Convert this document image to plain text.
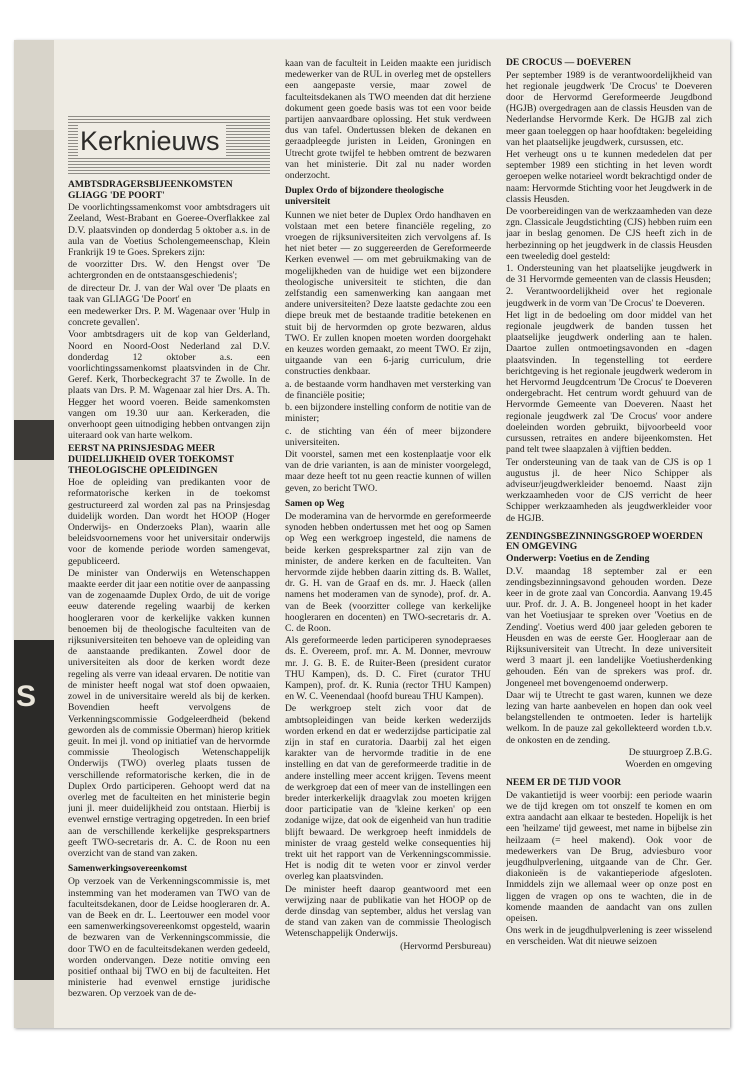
S
Kerknieuws
AMBTSDRAGERSBIJEENKOMSTEN GLIAGG 'DE POORT'

De voorlichtingssamenkomst voor ambtsdragers uit Zeeland, West-Brabant en Goeree-Overflakkee zal D.V. plaatsvinden op donderdag 5 oktober a.s. in de aula van de Voetius Scholengemeenschap, Klein Frankrijk 19 te Goes. Sprekers zijn:

de voorzitter Drs. W. den Hengst over 'De achtergronden en de ontstaansgeschiedenis';

de directeur Dr. J. van der Wal over 'De plaats en taak van GLIAGG 'De Poort' en

een medewerker Drs. P. M. Wagenaar over 'Hulp in concrete gevallen'.

Voor ambtsdragers uit de kop van Gelderland, Noord en Noord-Oost Nederland zal D.V. donderdag 12 oktober a.s. een voorlichtingssamenkomst plaatsvinden in de Chr. Geref. Kerk, Thorbeckegracht 37 te Zwolle. In de plaats van Drs. P. M. Wagenaar zal hier Drs. A. Th. Hegger het woord voeren. Beide samenkomsten vangen om 19.30 uur aan. Kerkeraden, die onverhoopt geen uitnodiging hebben ontvangen zijn uiteraard ook van harte welkom.

EERST NA PRINSJESDAG MEER DUIDELIJKHEID OVER TOEKOMST THEOLOGISCHE OPLEIDINGEN

Hoe de opleiding van predikanten voor de reformatorische kerken in de toekomst gestructureerd zal worden zal pas na Prinsjesdag duidelijk worden. Dan wordt het HOOP (Hoger Onderwijs- en Onderzoeks Plan), waarin alle beleidsvoornemens voor het universitair onderwijs voor de komende periode worden samengevat, gepubliceerd.

De minister van Onderwijs en Wetenschappen maakte eerder dit jaar een notitie over de aanpassing van de zogenaamde Duplex Ordo, de uit de vorige eeuw daterende regeling waarbij de kerken hoogleraren voor de kerkelijke vakken kunnen benoemen bij de theologische faculteiten van de rijksuniversiteiten ten behoeve van de opleiding van de aanstaande predikanten. Zowel door de universiteiten als door de kerken wordt deze regeling als verre van ideaal ervaren. De notitie van de minister heeft nogal wat stof doen opwaaien, zowel in de universitaire wereld als bij de kerken. Bovendien heeft vervolgens de Verkenningscommissie Godgeleerdheid (bekend geworden als de commissie Oberman) hierop kritiek geuit. In mei jl. vond op initiatief van de hervormde commissie Theologisch Wetenschappelijk Onderwijs (TWO) overleg plaats tussen de verschillende reformatorische kerken, die in de Duplex Ordo participeren. Gehoopt werd dat na overleg met de faculteiten en het ministerie begin juni jl. meer duidelijkheid zou ontstaan. Hierbij is evenwel ernstige vertraging opgetreden. In een brief aan de verschillende kerkelijke gesprekspartners geeft TWO-secretaris dr. A. C. de Roon nu een overzicht van de stand van zaken.

Samenwerkingsovereenkomst

Op verzoek van de Verkenningscommissie is, met instemming van het moderamen van TWO van de faculteitsdekanen, door de Leidse hoogleraren dr. A. van de Beek en dr. L. Leertouwer een model voor een samenwerkingsovereenkomst opgesteld, waarin de bezwaren van de Verkenningscommissie, die door TWO en de faculteitsdekanen werden gedeeld, worden ondervangen. Deze notitie omving een positief onthaal bij TWO en bij de faculteiten. Het ministerie had evenwel ernstige juridische bezwaren. Op verzoek van de de-

kaan van de faculteit in Leiden maakte een juridisch medewerker van de RUL in overleg met de opstellers een aangepaste versie, maar zowel de faculteitsdekanen als TWO meenden dat dit herziene dokument geen goede basis was tot een voor beide partijen aanvaardbare oplossing. Het stuk verdween dus van tafel. Ondertussen bleken de dekanen en geraadpleegde juristen in Leiden, Groningen en Utrecht grote twijfel te hebben omtrent de bezwaren van het ministerie. Dit zal nu nader worden onderzocht.

Duplex Ordo of bijzondere theologische universiteit

Kunnen we niet beter de Duplex Ordo handhaven en volstaan met een betere financiële regeling, zo vroegen de rijksuniversiteiten zich vervolgens af. Is het niet beter — zo suggereerden de Gereformeerde Kerken evenwel — om met gebruikmaking van de mogelijkheden van de huidige wet een bijzondere theologische universiteit te stichten, die dan zelfstandig een samenwerking kan aangaan met andere universiteiten? Deze laatste gedachte zou een diepe breuk met de bestaande traditie betekenen en stuit bij de hervormden op grote bezwaren, aldus TWO. Er zullen knopen moeten worden doorgehakt en keuzes worden gemaakt, zo meent TWO. Er zijn, uitgaande van een 6-jarig curriculum, drie constructies denkbaar.

a. de bestaande vorm handhaven met versterking van de financiële positie;

b. een bijzondere instelling conform de notitie van de minister;

c. de stichting van één of meer bijzondere universiteiten.

Dit voorstel, samen met een kostenplaatje voor elk van de drie varianten, is aan de minister voorgelegd, maar deze heeft tot nu geen reactie kunnen of willen geven, zo bericht TWO.

Samen op Weg

De moderamina van de hervormde en gereformeerde synoden hebben ondertussen met het oog op Samen op Weg een werkgroep ingesteld, die namens de beide kerken gesprekspartner zal zijn van de minister, de andere kerken en de faculteiten. Van hervormde zijde hebben daarin zitting ds. B. Wallet, dr. G. H. van de Graaf en ds. mr. J. Haeck (allen namens het moderamen van de synode), prof. dr. A. van de Beek (voorzitter college van kerkelijke hoogleraren en docenten) en TWO-secretaris dr. A. C. de Roon.

Als gereformeerde leden participeren synodepraeses ds. E. Overeem, prof. mr. A. M. Donner, mevrouw mr. J. G. B. E. de Ruiter-Been (president curator THU Kampen), ds. D. C. Firet (curator THU Kampen), prof. dr. K. Runia (rector THU Kampen) en W. C. Veenendaal (hoofd bureau THU Kampen).

De werkgroep stelt zich voor dat de ambtsopleidingen van beide kerken wederzijds worden erkend en dat er wederzijdse participatie zal zijn in staf en curatoria. Daarbij zal het eigen karakter van de hervormde traditie in de ene instelling en dat van de gereformeerde traditie in de andere instelling meer accent krijgen. Tevens meent de werkgroep dat een of meer van de instellingen een breder interkerkelijk draagvlak zou moeten krijgen door participatie van de 'kleine kerken' op een zodanige wijze, dat ook de eigenheid van hun traditie blijft bewaard. De werkgroep heeft inmiddels de minister de vraag gesteld welke consequenties hij trekt uit het rapport van de Verkenningscommissie. Het is nodig dit te weten voor er zinvol verder overleg kan plaatsvinden.

De minister heeft daarop geantwoord met een verwijzing naar de publikatie van het HOOP op de derde dinsdag van september, aldus het verslag van de stand van zaken van de commissie Theologisch Wetenschappelijk Onderwijs.

(Hervormd Persbureau)

DE CROCUS — DOEVEREN

Per september 1989 is de verantwoordelijkheid van het regionale jeugdwerk 'De Crocus' te Doeveren door de Hervormd Gereformeerde Jeugdbond (HGJB) overgedragen aan de classis Heusden van de Nederlandse Hervormde Kerk. De HGJB zal zich meer gaan toeleggen op haar hoofdtaken: begeleiding van het plaatselijke jeugdwerk, cursussen, etc.

Het verheugt ons u te kunnen mededelen dat per september 1989 een stichting in het leven wordt geroepen welke notarieel wordt bekrachtigd onder de naam: Hervormde Stichting voor het Jeugdwerk in de classis Heusden.

De voorbereidingen van de werkzaamheden van deze zgn. Classicale Jeugdstichting (CJS) hebben ruim een jaar in beslag genomen. De CJS heeft zich in de herbezinning op het jeugdwerk in de classis Heusden een tweeledig doel gesteld:

1. Ondersteuning van het plaatselijke jeugdwerk in de 31 Hervormde gemeenten van de classis Heusden;

2. Verantwoordelijkheid over het regionale jeugdwerk in de vorm van 'De Crocus' te Doeveren.

Het ligt in de bedoeling om door middel van het regionale jeugdwerk de banden tussen het plaatselijke jeugdwerk onderling aan te halen. Daartoe zullen ontmoetingsavonden en -dagen plaatsvinden. In tegenstelling tot eerdere berichtgeving is het regionale jeugdwerk wederom in het Hervormd Jeugdcentrum 'De Crocus' te Doeveren ondergebracht. Het centrum wordt gehuurd van de Hervormde Gemeente van Doeveren. Naast het regionale jeugdwerk zal 'De Crocus' voor andere doeleinden worden gebruikt, bijvoorbeeld voor cursussen, retraites en andere bijeenkomsten. Het pand telt twee slaapzalen à vijftien bedden.

Ter ondersteuning van de taak van de CJS is op 1 augustus jl. de heer Nico Schipper als adviseur/jeugdwerkleider benoemd. Naast zijn werkzaamheden voor de CJS verricht de heer Schipper werkzaamheden als jeugdwerkleider voor de HGJB.

ZENDINGSBEZINNINGSGROEP WOERDEN EN OMGEVING
Onderwerp: Voetius en de Zending

D.V. maandag 18 september zal er een zendingsbezinningsavond gehouden worden. Deze keer in de grote zaal van Concordia. Aanvang 19.45 uur. Prof. dr. J. A. B. Jongeneel hoopt in het kader van het Voetiusjaar te spreken over 'Voetius en de Zending'. Voetius werd 400 jaar geleden geboren te Heusden en was de eerste Ger. Hoogleraar aan de Rijksuniversiteit van Utrecht. In deze universiteit werd 3 maart jl. een landelijke Voetiusherdenking gehouden. Eén van de sprekers was prof. dr. Jongeneel met bovengenoemd onderwerp.

Daar wij te Utrecht te gast waren, kunnen we deze lezing van harte aanbevelen en hopen dan ook veel belangstellenden te ontmoeten. Ieder is hartelijk welkom. In de pauze zal gekollekteerd worden t.b.v. de onkosten en de zending.

De stuurgroep Z.B.G.

Woerden en omgeving

NEEM ER DE TIJD VOOR

De vakantietijd is weer voorbij: een periode waarin we de tijd kregen om tot onszelf te komen en om extra aandacht aan elkaar te besteden. Hopelijk is het een 'heilzame' tijd geweest, met name in bijbelse zin heilzaam (= heel makend). Ook voor de medewerkers van De Brug, adviesburo voor jeugdhulpverlening, uitgaande van de Chr. Ger. diakonieën is de vakantieperiode afgesloten. Inmiddels zijn we allemaal weer op onze post en liggen de vragen op ons te wachten, die in de komende maanden de aandacht van ons zullen opeisen.

Ons werk in de jeugdhulpverlening is zeer wisselend en verscheiden. Wat dit nieuwe seizoen
